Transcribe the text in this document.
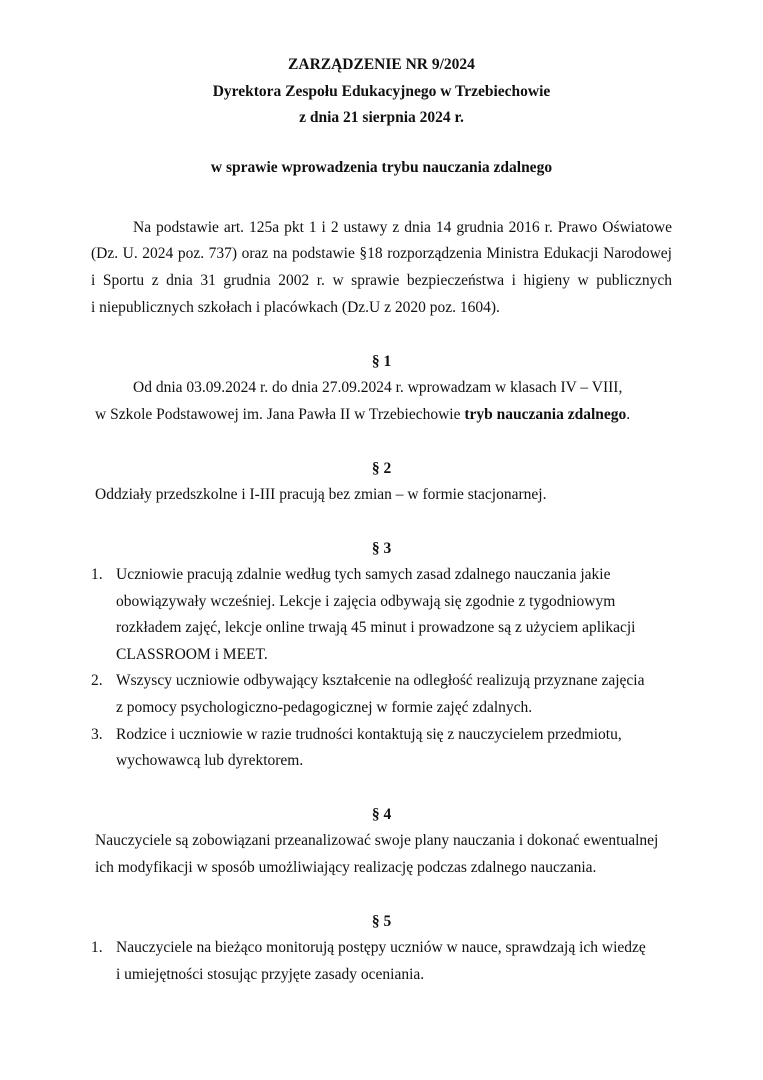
ZARZĄDZENIE NR 9/2024
Dyrektora Zespołu Edukacyjnego w Trzebiechowie
z dnia 21 sierpnia 2024 r.
w sprawie wprowadzenia trybu nauczania zdalnego
Na podstawie art. 125a pkt 1 i 2 ustawy z dnia 14 grudnia 2016 r. Prawo Oświatowe
(Dz. U. 2024 poz. 737) oraz na podstawie §18 rozporządzenia Ministra Edukacji Narodowej
i Sportu z dnia 31 grudnia 2002 r. w sprawie bezpieczeństwa i higieny w publicznych
i niepublicznych szkołach i placówkach (Dz.U z 2020 poz. 1604).
§ 1
Od dnia 03.09.2024 r. do dnia 27.09.2024 r. wprowadzam w klasach IV – VIII,
w Szkole Podstawowej im. Jana Pawła II w Trzebiechowie tryb nauczania zdalnego.
§ 2
Oddziały przedszkolne i I-III pracują bez zmian – w formie stacjonarnej.
§ 3
1. Uczniowie pracują zdalnie według tych samych zasad zdalnego nauczania jakie
obowiązywały wcześniej. Lekcje i zajęcia odbywają się zgodnie z tygodniowym
rozkładem zajęć, lekcje online trwają 45 minut i prowadzone są z użyciem aplikacji
CLASSROOM i MEET.
2. Wszyscy uczniowie odbywający kształcenie na odległość realizują przyznane zajęcia
z pomocy psychologiczno-pedagogicznej w formie zajęć zdalnych.
3. Rodzice i uczniowie w razie trudności kontaktują się z nauczycielem przedmiotu,
wychowawcą lub dyrektorem.
§ 4
Nauczyciele są zobowiązani przeanalizować swoje plany nauczania i dokonać ewentualnej
ich modyfikacji w sposób umożliwiający realizację podczas zdalnego nauczania.
§ 5
1. Nauczyciele na bieżąco monitorują postępy uczniów w nauce, sprawdzają ich wiedzę
i umiejętności stosując przyjęte zasady oceniania.
